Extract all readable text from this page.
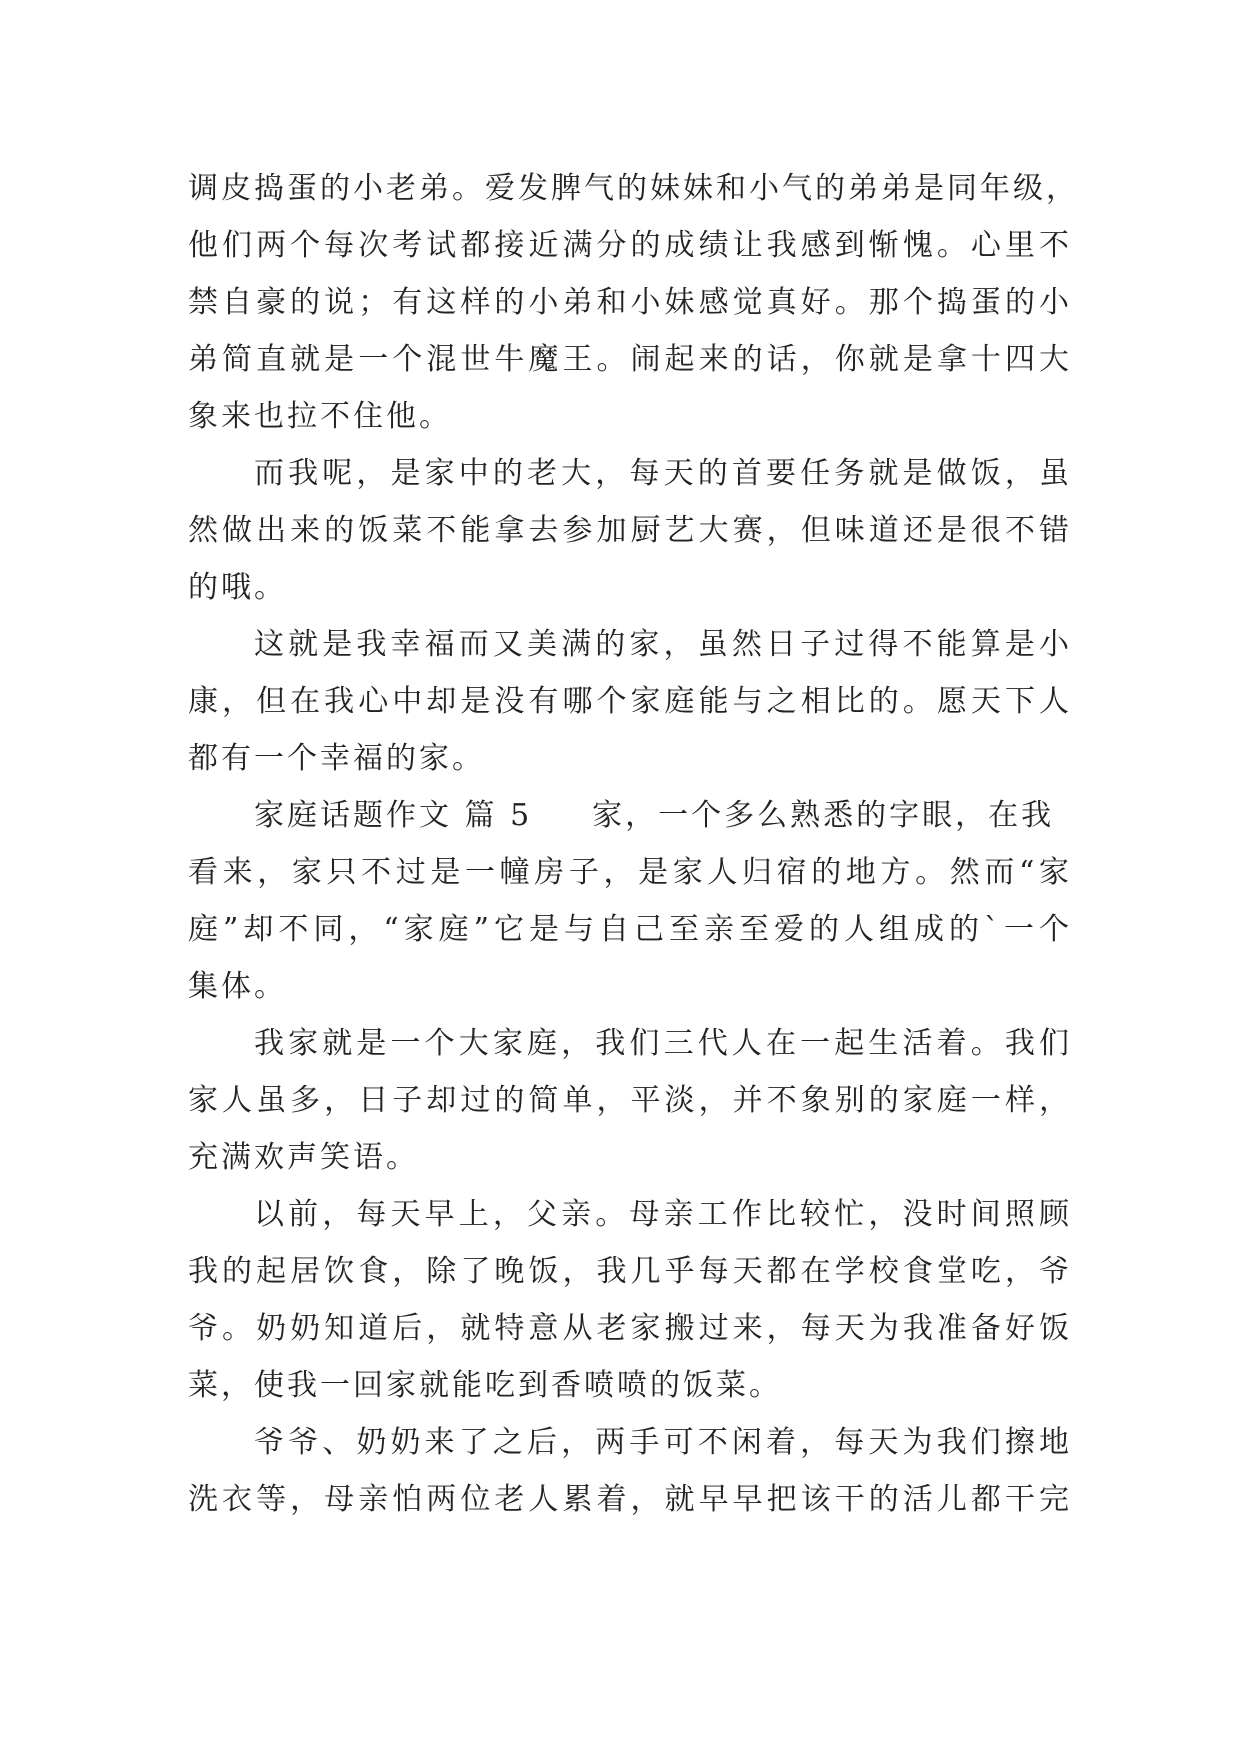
调皮捣蛋的小老弟。爱发脾气的妹妹和小气的弟弟是同年级，
他们两个每次考试都接近满分的成绩让我感到惭愧。心里不
禁自豪的说；有这样的小弟和小妹感觉真好。那个捣蛋的小
弟简直就是一个混世牛魔王。闹起来的话，你就是拿十四大
象来也拉不住他。
而我呢，是家中的老大，每天的首要任务就是做饭，虽
然做出来的饭菜不能拿去参加厨艺大赛，但味道还是很不错
的哦。
这就是我幸福而又美满的家，虽然日子过得不能算是小
康，但在我心中却是没有哪个家庭能与之相比的。愿天下人
都有一个幸福的家。
家庭话题作文 篇 5 家，一个多么熟悉的字眼，在我
看来，家只不过是一幢房子，是家人归宿的地方。然而“家
庭”却不同，“家庭”它是与自己至亲至爱的人组成的`一个
集体。
我家就是一个大家庭，我们三代人在一起生活着。我们
家人虽多，日子却过的简单，平淡，并不象别的家庭一样，
充满欢声笑语。
以前，每天早上，父亲。母亲工作比较忙，没时间照顾
我的起居饮食，除了晚饭，我几乎每天都在学校食堂吃，爷
爷。奶奶知道后，就特意从老家搬过来，每天为我准备好饭
菜，使我一回家就能吃到香喷喷的饭菜。
爷爷、奶奶来了之后，两手可不闲着，每天为我们擦地
洗衣等，母亲怕两位老人累着，就早早把该干的活儿都干完
